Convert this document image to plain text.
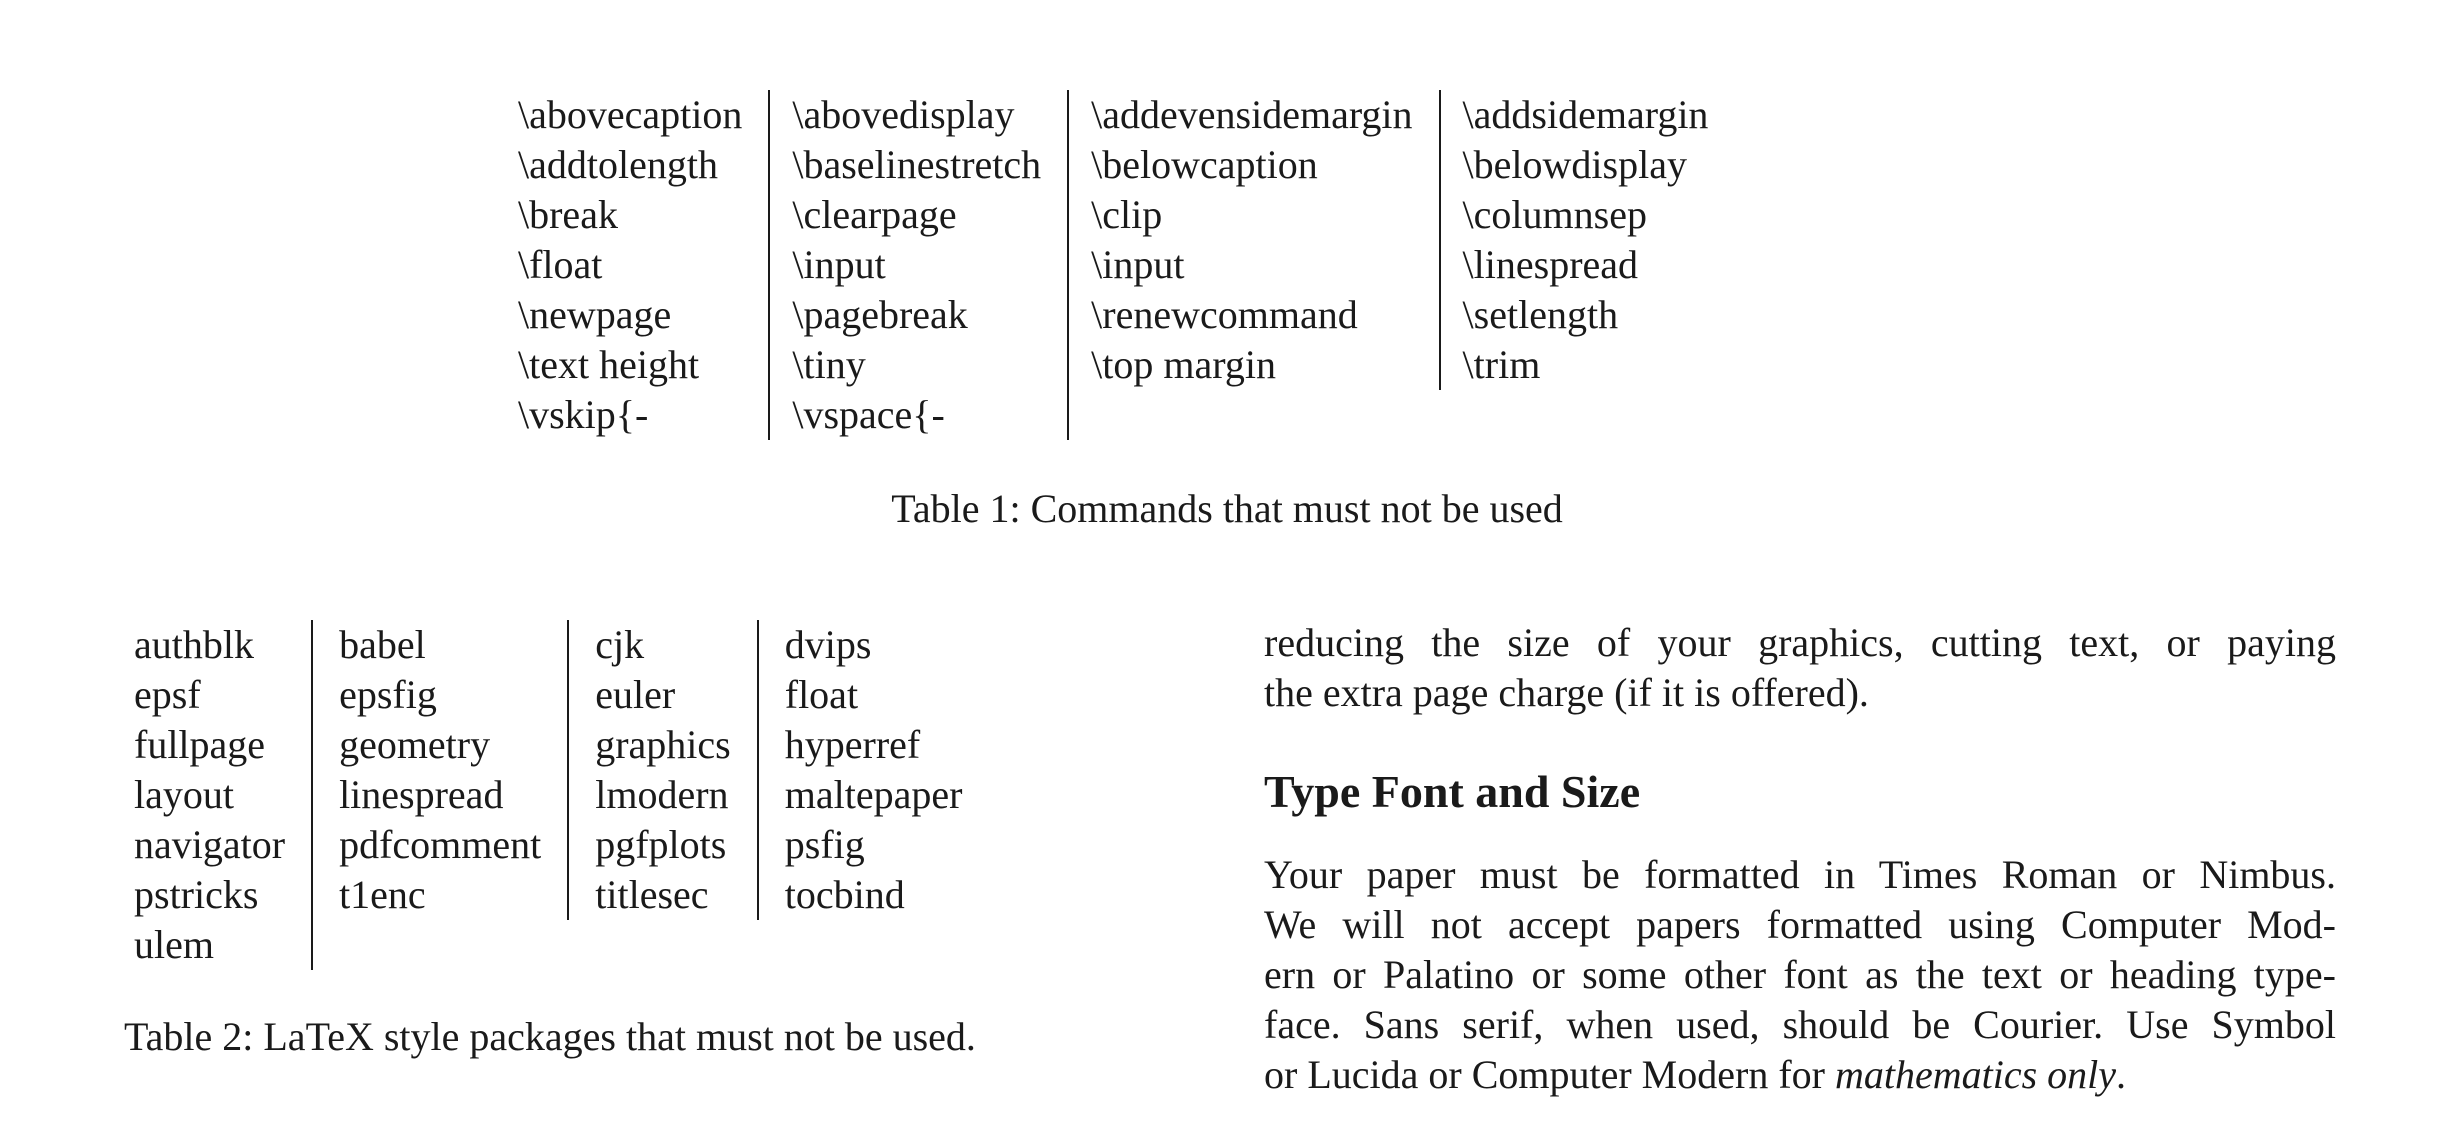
\abovecaption	\abovedisplay	\addevensidemargin	\addsidemargin
\addtolength	\baselinestretch	\belowcaption	\belowdisplay
\break	\clearpage	\clip	\columnsep
\float	\input	\input	\linespread
\newpage	\pagebreak	\renewcommand	\setlength
\text height	\tiny	\top margin	\trim
\vskip{-	\vspace{-		
Table 1: Commands that must not be used
authblk	babel	cjk	dvips
epsf	epsfig	euler	float
fullpage	geometry	graphics	hyperref
layout	linespread	lmodern	maltepaper
navigator	pdfcomment	pgfplots	psfig
pstricks	t1enc	titlesec	tocbind
ulem			
Table 2: LaTeX style packages that must not be used.

reducing the size of your graphics, cutting text, or paying
the extra page charge (if it is offered).

Type Font and Size

Your paper must be formatted in Times Roman or Nimbus.
We will not accept papers formatted using Computer Mod-
ern or Palatino or some other font as the text or heading type-
face. Sans serif, when used, should be Courier. Use Symbol
or Lucida or Computer Modern for mathematics only.
